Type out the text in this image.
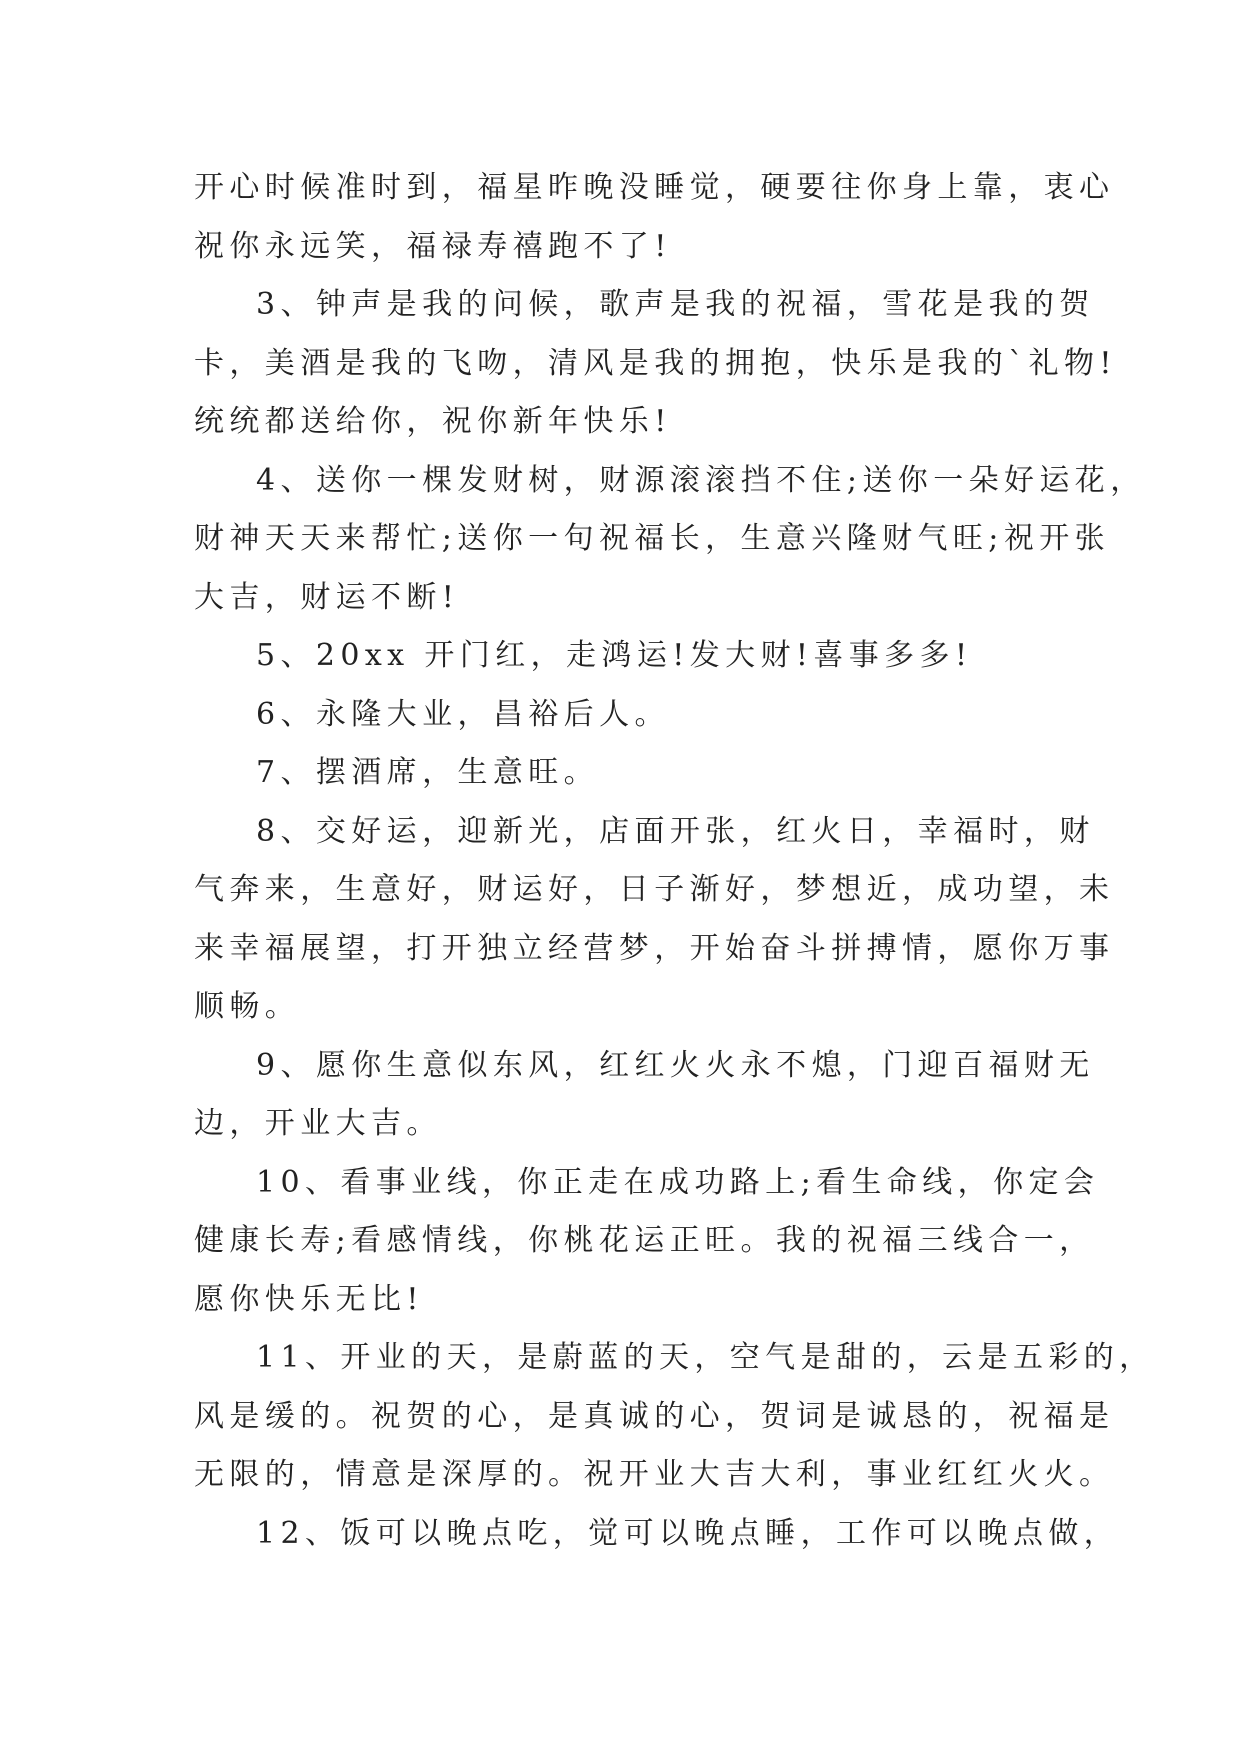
开心时候准时到，福星昨晚没睡觉，硬要往你身上靠，衷心
祝你永远笑，福禄寿禧跑不了!
3、钟声是我的问候，歌声是我的祝福，雪花是我的贺
卡，美酒是我的飞吻，清风是我的拥抱，快乐是我的`礼物!
统统都送给你，祝你新年快乐!
4、送你一棵发财树，财源滚滚挡不住;送你一朵好运花，
财神天天来帮忙;送你一句祝福长，生意兴隆财气旺;祝开张
大吉，财运不断!
5、20xx 开门红，走鸿运!发大财!喜事多多!
6、永隆大业，昌裕后人。
7、摆酒席，生意旺。
8、交好运，迎新光，店面开张，红火日，幸福时，财
气奔来，生意好，财运好，日子渐好，梦想近，成功望，未
来幸福展望，打开独立经营梦，开始奋斗拼搏情，愿你万事
顺畅。
9、愿你生意似东风，红红火火永不熄，门迎百福财无
边，开业大吉。
10、看事业线，你正走在成功路上;看生命线，你定会
健康长寿;看感情线，你桃花运正旺。我的祝福三线合一，
愿你快乐无比!
11、开业的天，是蔚蓝的天，空气是甜的，云是五彩的，
风是缓的。祝贺的心，是真诚的心，贺词是诚恳的，祝福是
无限的，情意是深厚的。祝开业大吉大利，事业红红火火。
12、饭可以晚点吃，觉可以晚点睡，工作可以晚点做，
